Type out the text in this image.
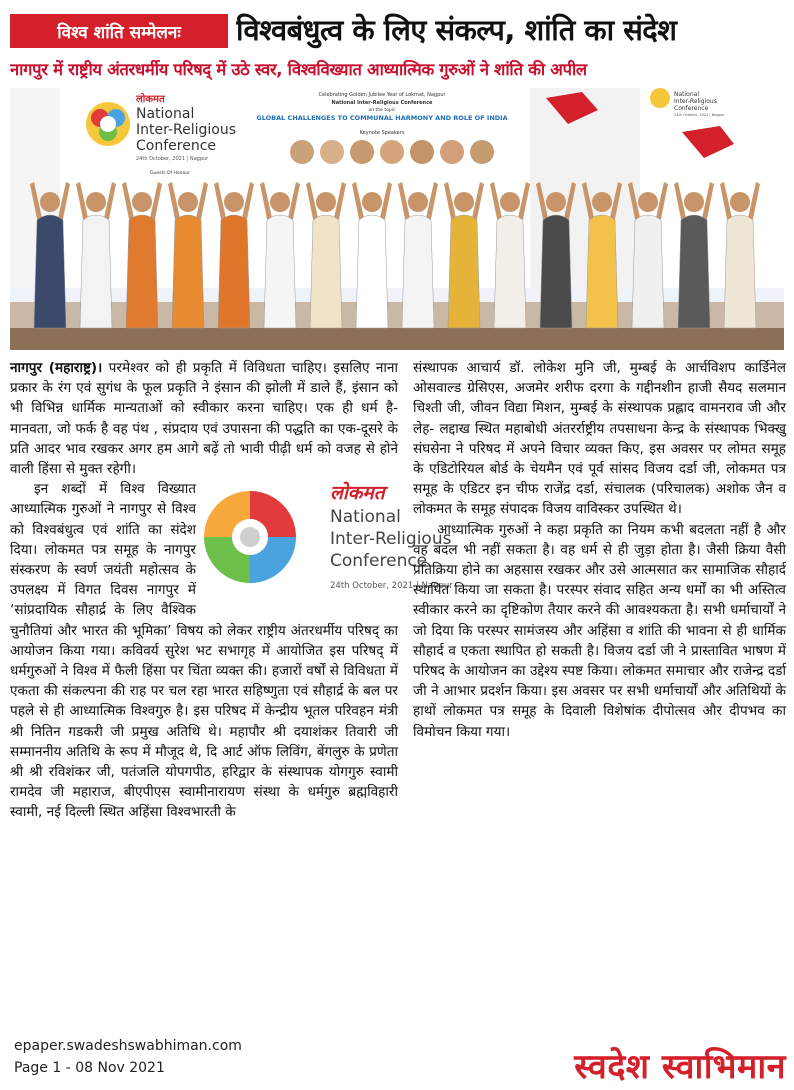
विश्व शांति सम्मेलनः	विश्वबंधुत्व के लिए संकल्प, शांति का संदेश
नागपुर में राष्ट्रीय अंतरधर्मीय परिषद् में उठे स्वर, विश्वविख्यात आध्यात्मिक गुरुओं ने शांति की अपील
लोकमत
National
Inter-Religious
Conference
24th October, 2021 | Nagpur
Celebrating Golden Jubilee Year of Lokmat, Nagpur
National Inter-Religious Conference
on the topic
GLOBAL CHALLENGES TO COMMUNAL HARMONY AND ROLE OF INDIA
Keynote Speakers
Guests Of Honour
National
Inter-Religious
Conference
24th October, 2021 | Nagpur

नागपुर (महाराष्ट्र)। परमेश्वर को ही प्रकृति में विविधता चाहिए। इसलिए नाना प्रकार के रंग एवं सुगंध के फूल प्रकृति ने इंसान की झोली में डाले हैं, इंसान को भी विभिन्न धार्मिक मान्यताओं को स्वीकार करना चाहिए। एक ही धर्म है- मानवता, जो फर्क है वह पंथ , संप्रदाय एवं उपासना की पद्धति का एक-दूसरे के प्रति आदर भाव रखकर अगर हम आगे बढ़ें तो भावी पीढ़ी धर्म को वजह से होने वाली हिंसा से मुक्त रहेगी।

लोकमत
National
Inter-Religious
Conference
24th October, 2021 | Nagpur
इन शब्दों में विश्व विख्यात आध्यात्मिक गुरुओं ने नागपुर से विश्व को विश्वबंधुत्व एवं शांति का संदेश दिया। लोकमत पत्र समूह के नागपुर संस्करण के स्वर्ण जयंती महोत्सव के उपलक्ष्य में विगत दिवस नागपुर में ‘सांप्रदायिक सौहार्द्र के लिए वैश्विक चुनौतियां और भारत की भूमिका’ विषय को लेकर राष्ट्रीय अंतरधर्मीय परिषद् का आयोजन किया गया। कविवर्य सुरेश भट सभागृह में आयोजित इस परिषद् में धर्मगुरुओं ने विश्व में फैली हिंसा पर चिंता व्यक्त की। हजारों वर्षों से विविधता में एकता की संकल्पना की राह पर चल रहा भारत सहिष्णुता एवं सौहार्द्र के बल पर पहले से ही आध्यात्मिक विश्वगुरु है। इस परिषद में केन्द्रीय भूतल परिवहन मंत्री श्री नितिन गडकरी जी प्रमुख अतिथि थे। महापौर श्री दयाशंकर तिवारी जी सम्माननीय अतिथि के रूप में मौजूद थे, दि आर्ट ऑफ लिविंग, बेंगलुरु के प्रणेता श्री श्री रविशंकर जी, पतंजलि योपगपीठ, हरिद्वार के संस्थापक योगगुरु स्वामी रामदेव जी महाराज, बीएपीएस स्वामीनारायण संस्था के धर्मगुरु ब्रह्मविहारी स्वामी, नई दिल्ली स्थित अहिंसा विश्वभारती के

संस्थापक आचार्य डॉ. लोकेश मुनि जी, मुम्बई के आर्चविशप कार्डिनेल ओसवाल्ड ग्रेसिएस, अजमेर शरीफ दरगा के गद्दीनशीन हाजी सैयद सलमान चिश्ती जी, जीवन विद्या मिशन, मुम्बई के संस्थापक प्रह्लाद वामनराव जी और लेह- लद्दाख स्थित महाबोधी अंतरर्राष्ट्रीय तपसाधना केन्द्र के संस्थापक भिक्खु संघसेना ने परिषद में अपने विचार व्यक्त किए, इस अवसर पर लोमत समूह के एडिटोरियल बोर्ड के चेयमैन एवं पूर्व सांसद विजय दर्डा जी, लोकमत पत्र समूह के एडिटर इन चीफ राजेंद्र दर्डा, संचालक (परिचालक) अशोक जैन व लोकमत के समूह संपादक विजय वाविस्कर उपस्थित थे।

आध्यात्मिक गुरुओं ने कहा प्रकृति का नियम कभी बदलता नहीं है और वह बदल भी नहीं सकता है। वह धर्म से ही जुड़ा होता है। जैसी क्रिया वैसी प्रतिक्रिया होने का अहसास रखकर और उसे आत्मसात कर सामाजिक सौहार्द स्थापित किया जा सकता है। परस्पर संवाद सहित अन्य धर्मों का भी अस्तित्व स्वीकार करने का दृष्टिकोण तैयार करने की आवश्यकता है। सभी धर्माचार्यों ने जो दिया कि परस्पर सामंजस्य और अहिंसा व शांति की भावना से ही धार्मिक सौहार्द व एकता स्थापित हो सकती है। विजय दर्डा जी ने प्रास्तावित भाषण में परिषद के आयोजन का उद्देश्य स्पष्ट किया। लोकमत समाचार और राजेन्द्र दर्डा जी ने आभार प्रदर्शन किया। इस अवसर पर सभी धर्माचार्यों और अतिथियों के हाथों लोकमत पत्र समूह के दिवाली विशेषांक दीपोत्सव और दीपभव का विमोचन किया गया।

epaper.swadeshswabhiman.com
Page 1 - 08 Nov 2021	स्वदेश स्वाभिमान
